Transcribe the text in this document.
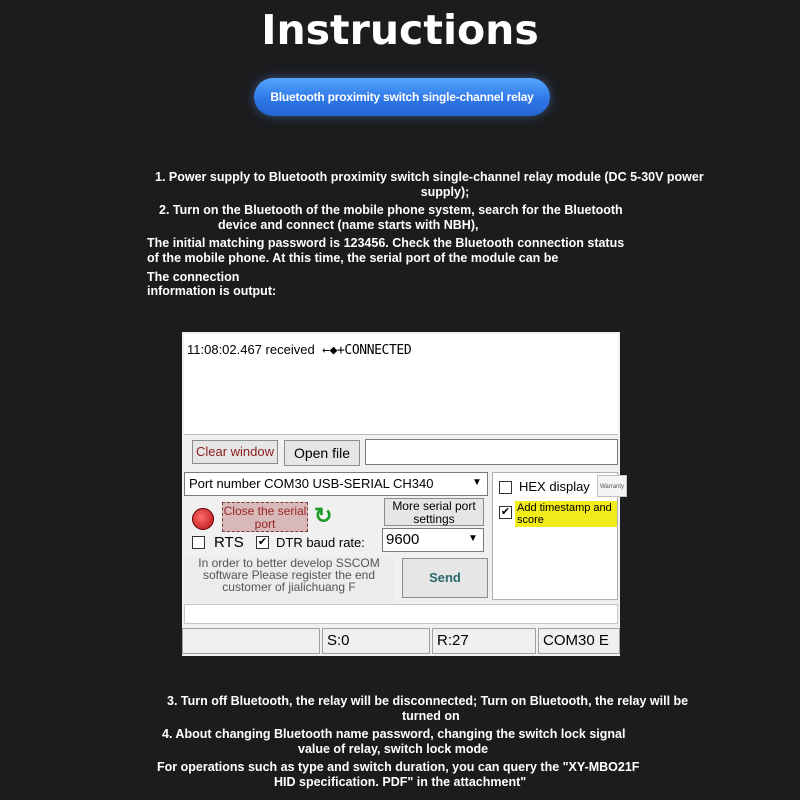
Instructions
Bluetooth proximity switch single-channel relay
1. Power supply to Bluetooth proximity switch single-channel relay module (DC 5-30V power
supply);
2. Turn on the Bluetooth of the mobile phone system, search for the Bluetooth
device and connect (name starts with NBH),
The initial matching password is 123456. Check the Bluetooth connection status
of the mobile phone. At this time, the serial port of the module can be
The connection
information is output:
11:08:02.467 received ←◆+CONNECTED
Clear window	Open file
Port number COM30 USB-SERIAL CH340	▼	HEX display	Warranty
✔ Add timestamp and score
Close the serial port	↻	More serial port settings
RTS ✔ DTR baud rate: 9600	▼
In order to better develop SSCOM software Please register the end customer of jialichuang F
Send
S:0	R:27	COM30 E
3. Turn off Bluetooth, the relay will be disconnected; Turn on Bluetooth, the relay will be
turned on
4. About changing Bluetooth name password, changing the switch lock signal
value of relay, switch lock mode
For operations such as type and switch duration, you can query the "XY-MBO21F
HID specification. PDF" in the attachment"
